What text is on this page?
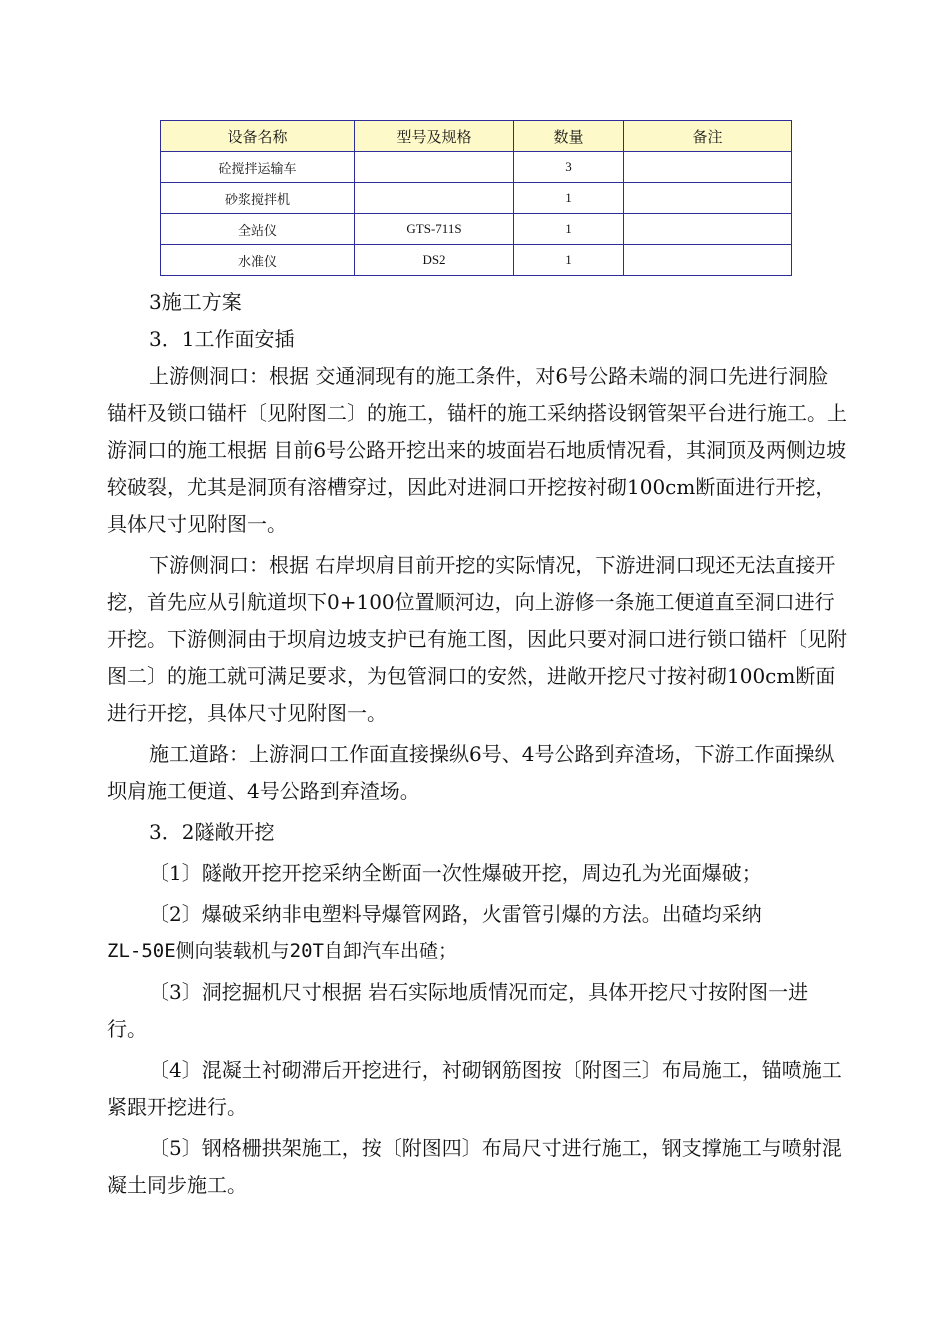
设备名称	型号及规格	数量	备注
砼搅拌运输车		3	
砂浆搅拌机		1	
全站仪	GTS-711S	1	
水准仪	DS2	1	

3施工方案

3．1工作面安插

上游侧洞口：根据 交通洞现有的施工条件，对6号公路未端的洞口先进行洞脸锚杆及锁口锚杆〔见附图二〕的施工，锚杆的施工采纳搭设钢管架平台进行施工。上游洞口的施工根据 目前6号公路开挖出来的坡面岩石地质情况看，其洞顶及两侧边坡较破裂，尤其是洞顶有溶槽穿过，因此对进洞口开挖按衬砌100cm断面进行开挖，具体尺寸见附图一。

下游侧洞口：根据 右岸坝肩目前开挖的实际情况，下游进洞口现还无法直接开挖，首先应从引航道坝下0+100位置顺河边，向上游修一条施工便道直至洞口进行开挖。下游侧洞由于坝肩边坡支护已有施工图，因此只要对洞口进行锁口锚杆〔见附图二〕的施工就可满足要求，为包管洞口的安然，进敞开挖尺寸按衬砌100cm断面进行开挖，具体尺寸见附图一。

施工道路：上游洞口工作面直接操纵6号、4号公路到弃渣场，下游工作面操纵坝肩施工便道、4号公路到弃渣场。

3．2隧敞开挖

〔1〕隧敞开挖开挖采纳全断面一次性爆破开挖，周边孔为光面爆破；

〔2〕爆破采纳非电塑料导爆管网路，火雷管引爆的方法。出碴均采纳

ZL-50E侧向装载机与20T自卸汽车出碴；

〔3〕洞挖掘机尺寸根据 岩石实际地质情况而定，具体开挖尺寸按附图一进行。

〔4〕混凝土衬砌滞后开挖进行，衬砌钢筋图按〔附图三〕布局施工，锚喷施工紧跟开挖进行。

〔5〕钢格栅拱架施工，按〔附图四〕布局尺寸进行施工，钢支撑施工与喷射混凝土同步施工。
